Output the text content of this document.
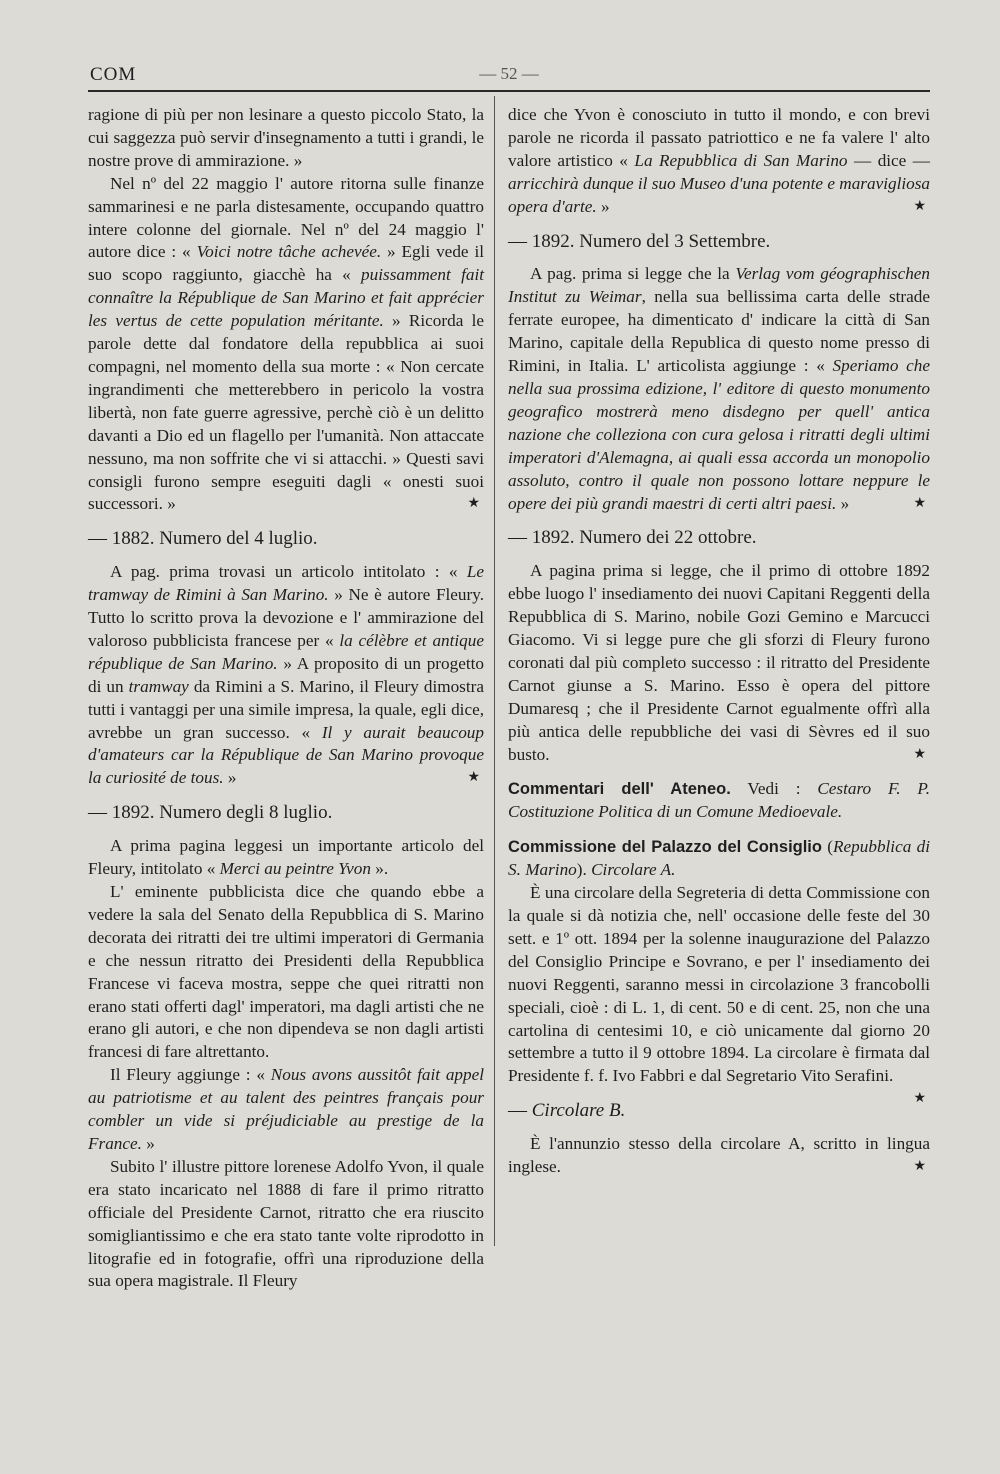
COM	— 52 —

ragione di più per non lesinare a questo piccolo Stato, la cui saggezza può servir d'insegnamento a tutti i grandi, le nostre prove di ammirazione. »

Nel nº del 22 maggio l' autore ritorna sulle finanze sammarinesi e ne parla distesamente, occupando quattro intere colonne del giornale. Nel nº del 24 maggio l' autore dice : « Voici notre tâche achevée. » Egli vede il suo scopo raggiunto, giacchè ha « puissamment fait connaître la République de San Marino et fait apprécier les vertus de cette population méritante. » Ricorda le parole dette dal fondatore della repubblica ai suoi compagni, nel momento della sua morte : « Non cercate ingrandimenti che metterebbero in pericolo la vostra libertà, non fate guerre agressive, perchè ciò è un delitto davanti a Dio ed un flagello per l'umanità. Non attaccate nessuno, ma non soffrite che vi si attacchi. » Questi savi consigli furono sempre eseguiti dagli « onesti suoi successori. »	★

— 1882. Numero del 4 luglio.

A pag. prima trovasi un articolo intitolato : « Le tramway de Rimini à San Marino. » Ne è autore Fleury. Tutto lo scritto prova la devozione e l' ammirazione del valoroso pubblicista francese per « la célèbre et antique république de San Marino. » A proposito di un progetto di un tramway da Rimini a S. Marino, il Fleury dimostra tutti i vantaggi per una simile impresa, la quale, egli dice, avrebbe un gran successo. « Il y aurait beaucoup d'amateurs car la République de San Marino provoque la curiosité de tous. »	★

— 1892. Numero degli 8 luglio.

A prima pagina leggesi un importante articolo del Fleury, intitolato « Merci au peintre Yvon ».

L' eminente pubblicista dice che quando ebbe a vedere la sala del Senato della Repubblica di S. Marino decorata dei ritratti dei tre ultimi imperatori di Germania e che nessun ritratto dei Presidenti della Repubblica Francese vi faceva mostra, seppe che quei ritratti non erano stati offerti dagl' imperatori, ma dagli artisti che ne erano gli autori, e che non dipendeva se non dagli artisti francesi di fare altrettanto.

Il Fleury aggiunge : « Nous avons aussitôt fait appel au patriotisme et au talent des peintres français pour combler un vide si préjudiciable au prestige de la France. »

Subito l' illustre pittore lorenese Adolfo Yvon, il quale era stato incaricato nel 1888 di fare il primo ritratto officiale del Presidente Carnot, ritratto che era riuscito somigliantissimo e che era stato tante volte riprodotto in litografie ed in fotografie, offrì una riproduzione della sua opera magistrale. Il Fleury

dice che Yvon è conosciuto in tutto il mondo, e con brevi parole ne ricorda il passato patriottico e ne fa valere l' alto valore artistico « La Repubblica di San Marino — dice — arricchirà dunque il suo Museo d'una potente e maravigliosa opera d'arte. »	★

— 1892. Numero del 3 Settembre.

A pag. prima si legge che la Verlag vom géographischen Institut zu Weimar, nella sua bellissima carta delle strade ferrate europee, ha dimenticato d' indicare la città di San Marino, capitale della Republica di questo nome presso di Rimini, in Italia. L' articolista aggiunge : « Speriamo che nella sua prossima edizione, l' editore di questo monumento geografico mostrerà meno disdegno per quell' antica nazione che colleziona con cura gelosa i ritratti degli ultimi imperatori d'Alemagna, ai quali essa accorda un monopolio assoluto, contro il quale non possono lottare neppure le opere dei più grandi maestri di certi altri paesi. »	★

— 1892. Numero dei 22 ottobre.

A pagina prima si legge, che il primo di ottobre 1892 ebbe luogo l' insediamento dei nuovi Capitani Reggenti della Repubblica di S. Marino, nobile Gozi Gemino e Marcucci Giacomo. Vi si legge pure che gli sforzi di Fleury furono coronati dal più completo successo : il ritratto del Presidente Carnot giunse a S. Marino. Esso è opera del pittore Dumaresq ; che il Presidente Carnot egualmente offrì alla più antica delle repubbliche dei vasi di Sèvres ed il suo busto.	★

Commentari dell' Ateneo. Vedi : Cestaro F. P. Costituzione Politica di un Comune Medioevale.

Commissione del Palazzo del Consiglio (Repubblica di S. Marino). Circolare A.

È una circolare della Segreteria di detta Commissione con la quale si dà notizia che, nell' occasione delle feste del 30 sett. e 1º ott. 1894 per la solenne inaugurazione del Palazzo del Consiglio Principe e Sovrano, e per l' insediamento dei nuovi Reggenti, saranno messi in circolazione 3 francobolli speciali, cioè : di L. 1, di cent. 50 e di cent. 25, non che una cartolina di centesimi 10, e ciò unicamente dal giorno 20 settembre a tutto il 9 ottobre 1894. La circolare è firmata dal Presidente f. f. Ivo Fabbri e dal Segretario Vito Serafini.
★

— Circolare B.

È l'annunzio stesso della circolare A, scritto in lingua inglese.	★
